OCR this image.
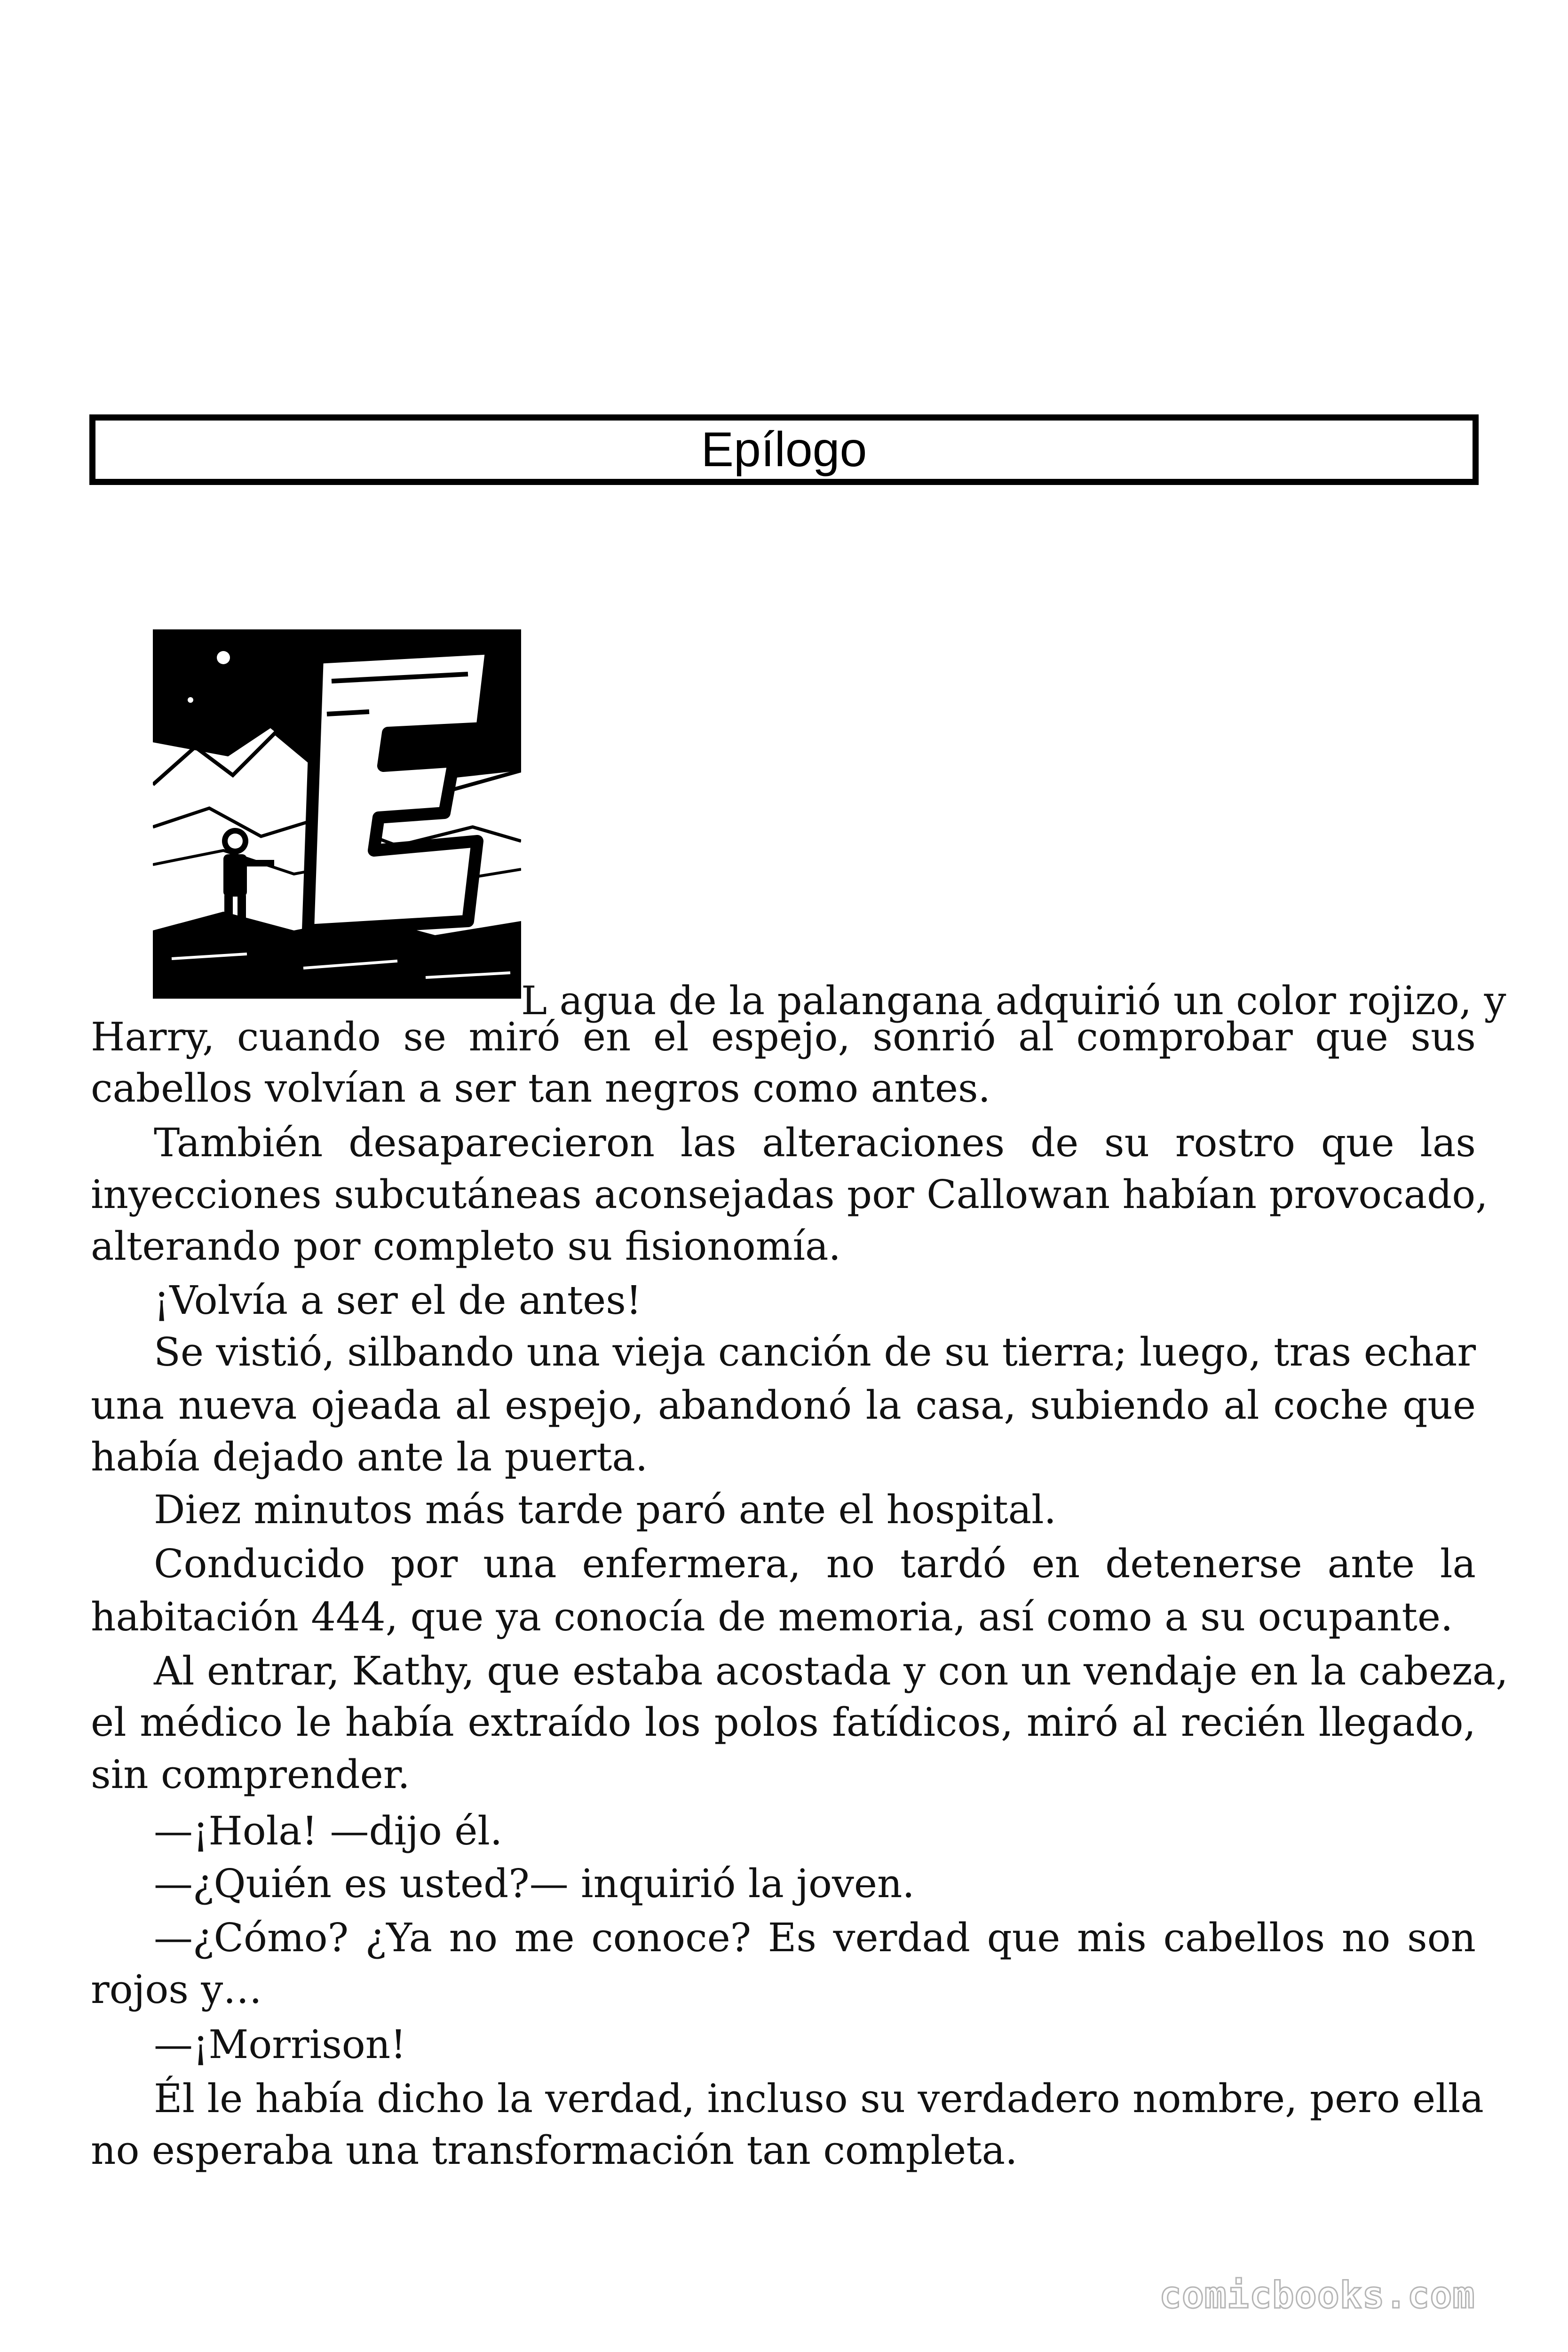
Epílogo
L agua de la palangana adquirió un color rojizo, y
Harry, cuando se miró en el espejo, sonrió al comprobar que sus
cabellos volvían a ser tan negros como antes.
También desaparecieron las alteraciones de su rostro que las
inyecciones subcutáneas aconsejadas por Callowan habían provocado,
alterando por completo su fisionomía.
¡Volvía a ser el de antes!
Se vistió, silbando una vieja canción de su tierra; luego, tras echar
una nueva ojeada al espejo, abandonó la casa, subiendo al coche que
había dejado ante la puerta.
Diez minutos más tarde paró ante el hospital.
Conducido por una enfermera, no tardó en detenerse ante la
habitación 444, que ya conocía de memoria, así como a su ocupante.
Al entrar, Kathy, que estaba acostada y con un vendaje en la cabeza,
el médico le había extraído los polos fatídicos, miró al recién llegado,
sin comprender.
—¡Hola! —dijo él.
—¿Quién es usted?— inquirió la joven.
—¿Cómo? ¿Ya no me conoce? Es verdad que mis cabellos no son
rojos y…
—¡Morrison!
Él le había dicho la verdad, incluso su verdadero nombre, pero ella
no esperaba una transformación tan completa.
comicbooks.com
